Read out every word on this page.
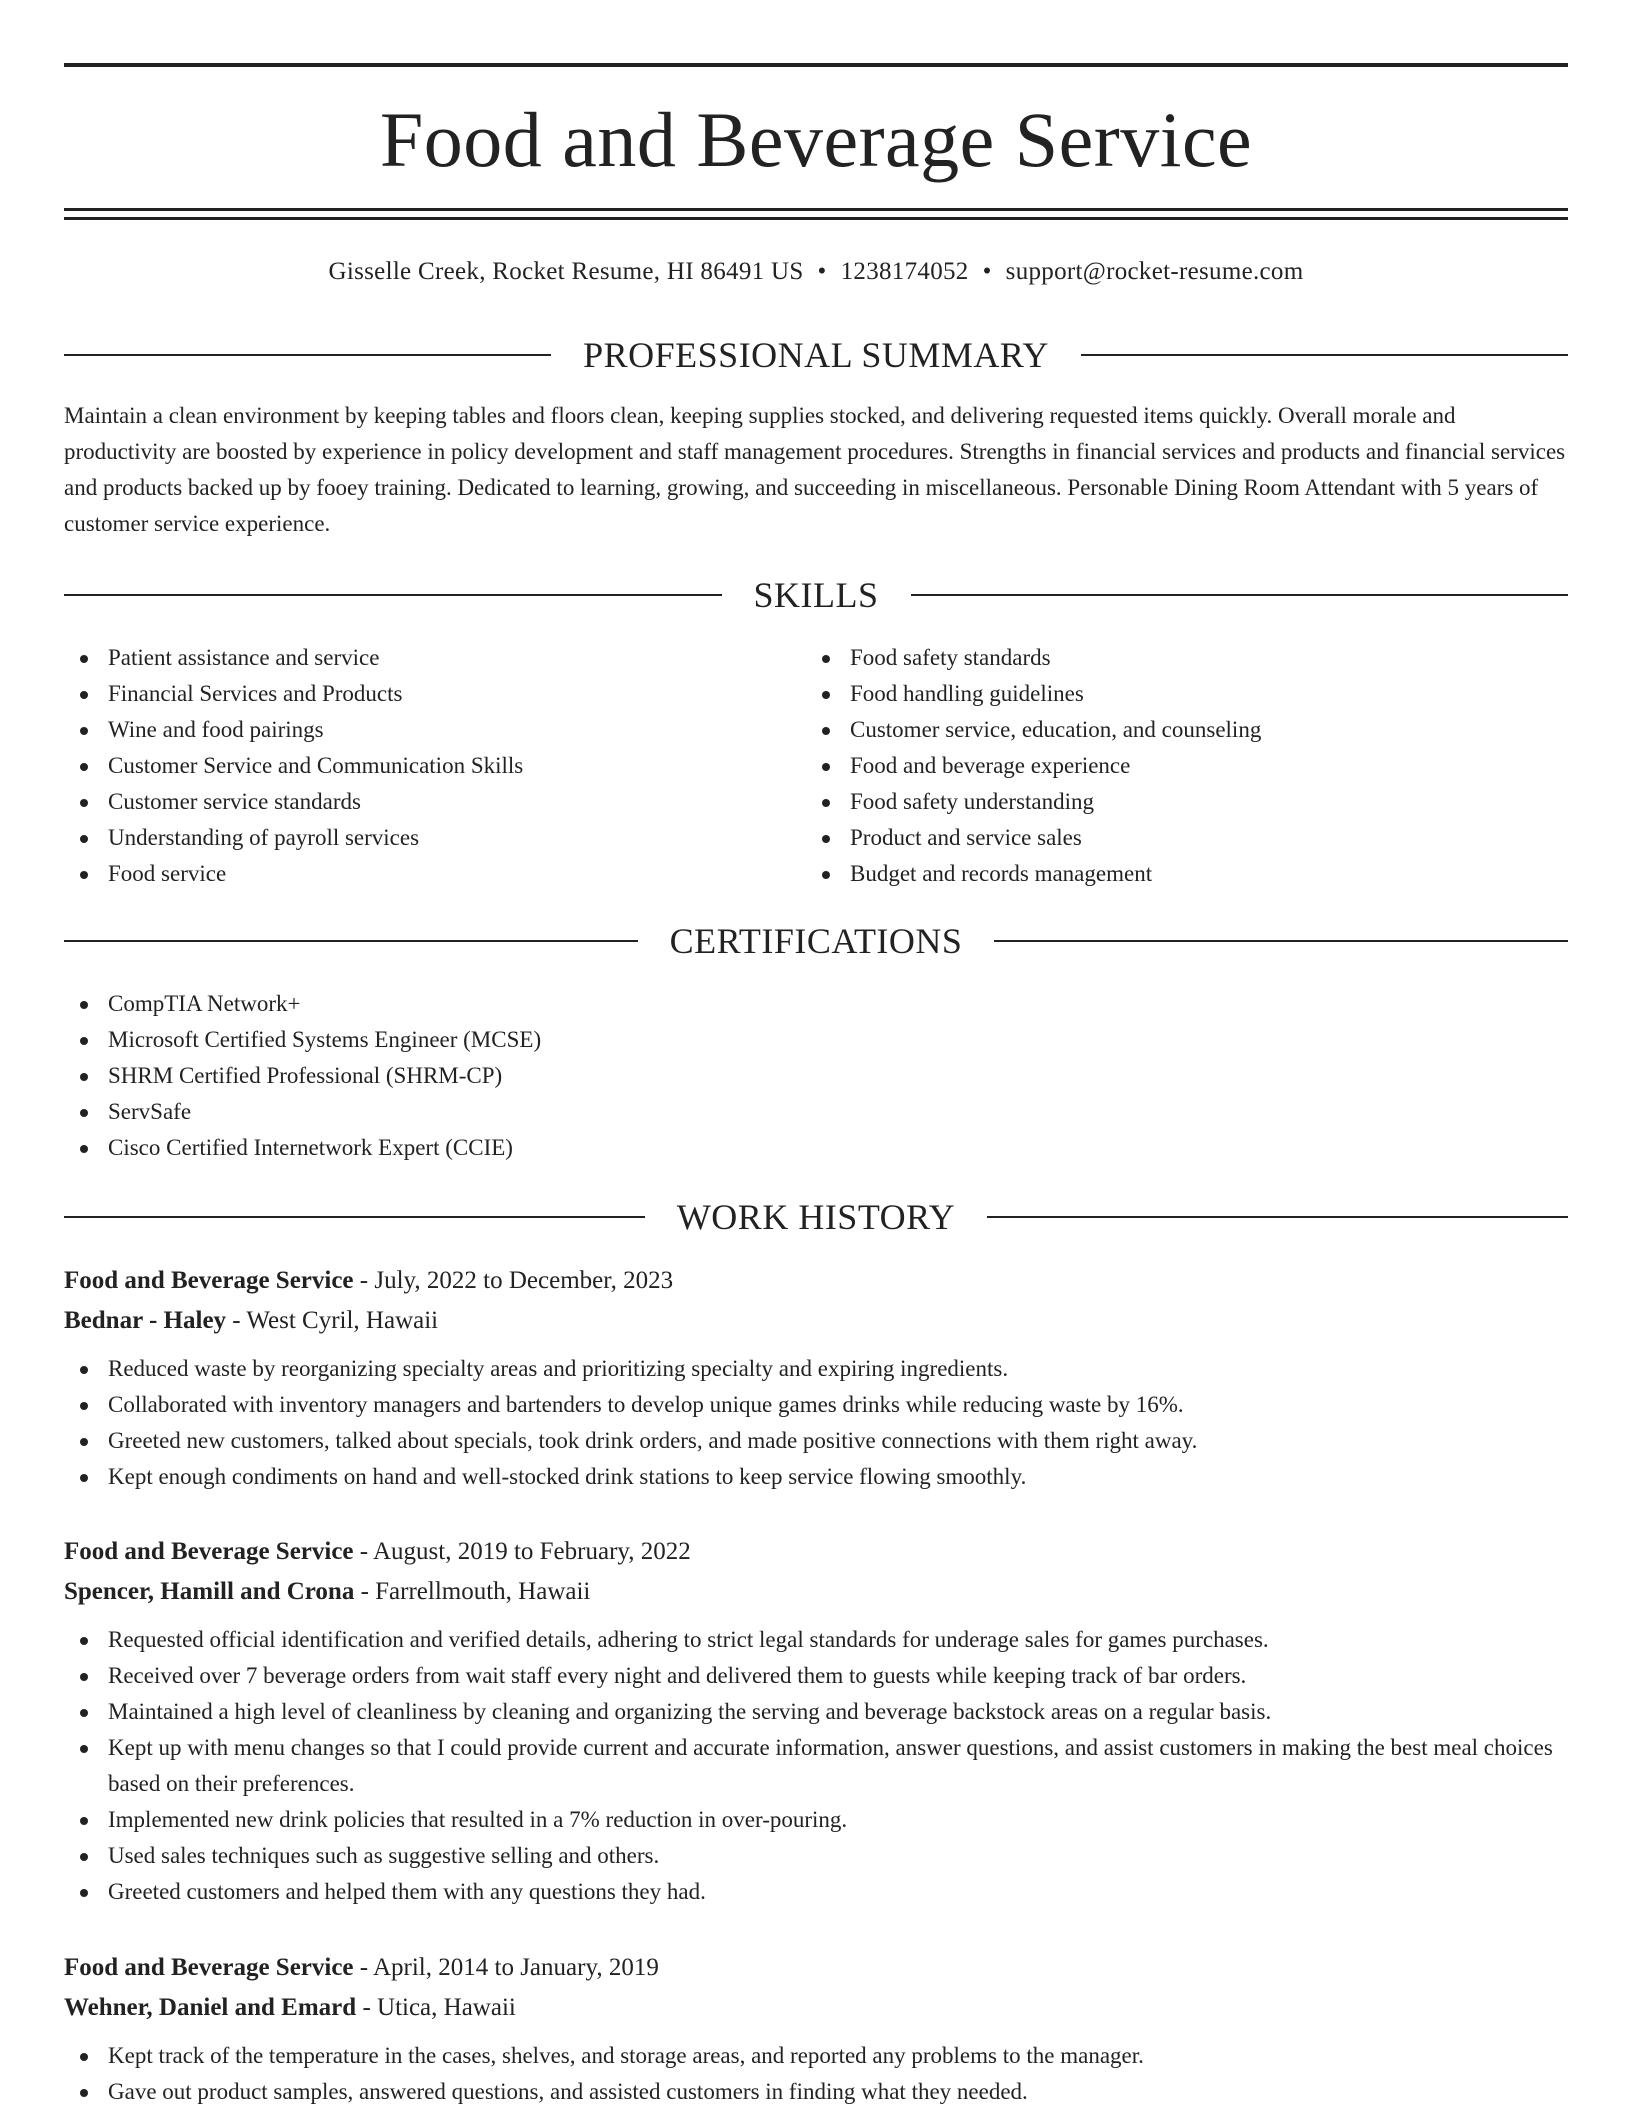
Food and Beverage Service
Gisselle Creek, Rocket Resume, HI 86491 US • 1238174052 • support@rocket-resume.com
PROFESSIONAL SUMMARY

Maintain a clean environment by keeping tables and floors clean, keeping supplies stocked, and delivering requested items quickly. Overall morale and productivity are boosted by experience in policy development and staff management procedures. Strengths in financial services and products and financial services and products backed up by fooey training. Dedicated to learning, growing, and succeeding in miscellaneous. Personable Dining Room Attendant with 5 years of customer service experience.

SKILLS
Patient assistance and service
Financial Services and Products
Wine and food pairings
Customer Service and Communication Skills
Customer service standards
Understanding of payroll services
Food service
Food safety standards
Food handling guidelines
Customer service, education, and counseling
Food and beverage experience
Food safety understanding
Product and service sales
Budget and records management
CERTIFICATIONS
CompTIA Network+
Microsoft Certified Systems Engineer (MCSE)
SHRM Certified Professional (SHRM-CP)
ServSafe
Cisco Certified Internetwork Expert (CCIE)
WORK HISTORY
Food and Beverage Service - July, 2022 to December, 2023
Bednar - Haley - West Cyril, Hawaii
Reduced waste by reorganizing specialty areas and prioritizing specialty and expiring ingredients.
Collaborated with inventory managers and bartenders to develop unique games drinks while reducing waste by 16%.
Greeted new customers, talked about specials, took drink orders, and made positive connections with them right away.
Kept enough condiments on hand and well-stocked drink stations to keep service flowing smoothly.
Food and Beverage Service - August, 2019 to February, 2022
Spencer, Hamill and Crona - Farrellmouth, Hawaii
Requested official identification and verified details, adhering to strict legal standards for underage sales for games purchases.
Received over 7 beverage orders from wait staff every night and delivered them to guests while keeping track of bar orders.
Maintained a high level of cleanliness by cleaning and organizing the serving and beverage backstock areas on a regular basis.
Kept up with menu changes so that I could provide current and accurate information, answer questions, and assist customers in making the best meal choices based on their preferences.
Implemented new drink policies that resulted in a 7% reduction in over-pouring.
Used sales techniques such as suggestive selling and others.
Greeted customers and helped them with any questions they had.
Food and Beverage Service - April, 2014 to January, 2019
Wehner, Daniel and Emard - Utica, Hawaii
Kept track of the temperature in the cases, shelves, and storage areas, and reported any problems to the manager.
Gave out product samples, answered questions, and assisted customers in finding what they needed.
